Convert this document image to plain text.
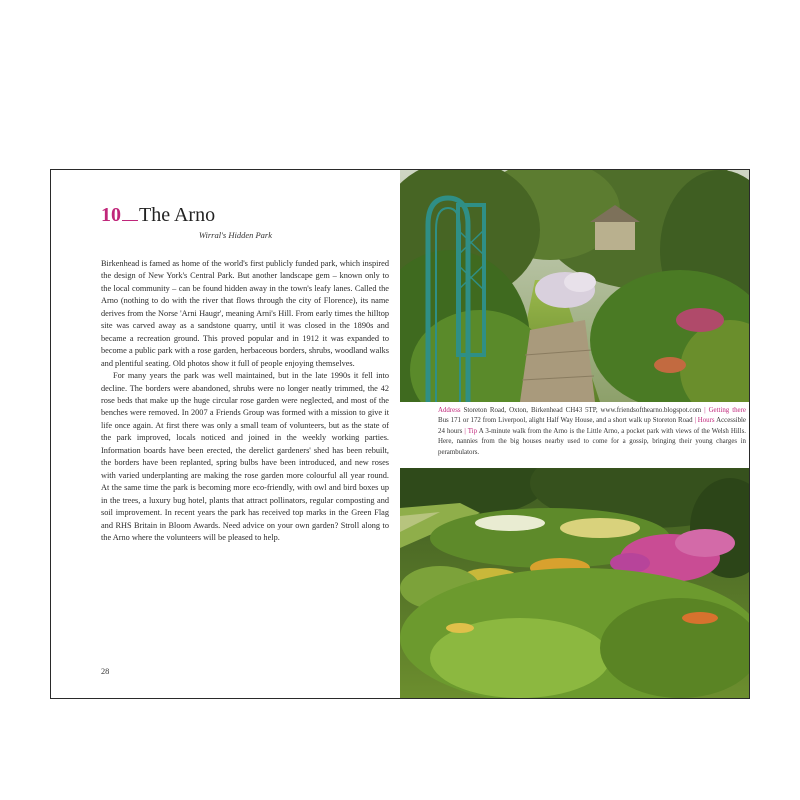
10 The Arno
Wirral's Hidden Park

Birkenhead is famed as home of the world's first publicly funded park, which inspired the design of New York's Central Park. But another landscape gem – known only to the local community – can be found hidden away in the town's leafy lanes. Called the Arno (nothing to do with the river that flows through the city of Florence), its name derives from the Norse 'Arni Haugr', meaning Arni's Hill. From early times the hilltop site was carved away as a sandstone quarry, until it was closed in the 1890s and became a recreation ground. This proved popular and in 1912 it was expanded to become a public park with a rose garden, herbaceous borders, shrubs, woodland walks and plentiful seating. Old photos show it full of people enjoying themselves.

For many years the park was well maintained, but in the late 1990s it fell into decline. The borders were abandoned, shrubs were no longer neatly trimmed, the 42 rose beds that make up the huge circular rose garden were neglected, and most of the benches were removed. In 2007 a Friends Group was formed with a mission to give it life once again. At first there was only a small team of volunteers, but as the state of the park improved, locals noticed and joined in the weekly working parties. Information boards have been erected, the derelict gardeners' shed has been rebuilt, the borders have been replanted, spring bulbs have been introduced, and new roses with varied underplanting are making the rose garden more colourful all year round. At the same time the park is becoming more eco-friendly, with owl and bird boxes up in the trees, a luxury bug hotel, plants that attract pollinators, regular composting and soil improvement. In recent years the park has received top marks in the Green Flag and RHS Britain in Bloom Awards. Need advice on your own garden? Stroll along to the Arno where the volunteers will be pleased to help.

28
Address Storeton Road, Oxton, Birkenhead CH43 5TP, www.friendsofthearno.blogspot.com | Getting there Bus 171 or 172 from Liverpool, alight Half Way House, and a short walk up Storeton Road | Hours Accessible 24 hours | Tip A 3-minute walk from the Arno is the Little Arno, a pocket park with views of the Welsh Hills. Here, nannies from the big houses nearby used to come for a gossip, bringing their young charges in perambulators.
